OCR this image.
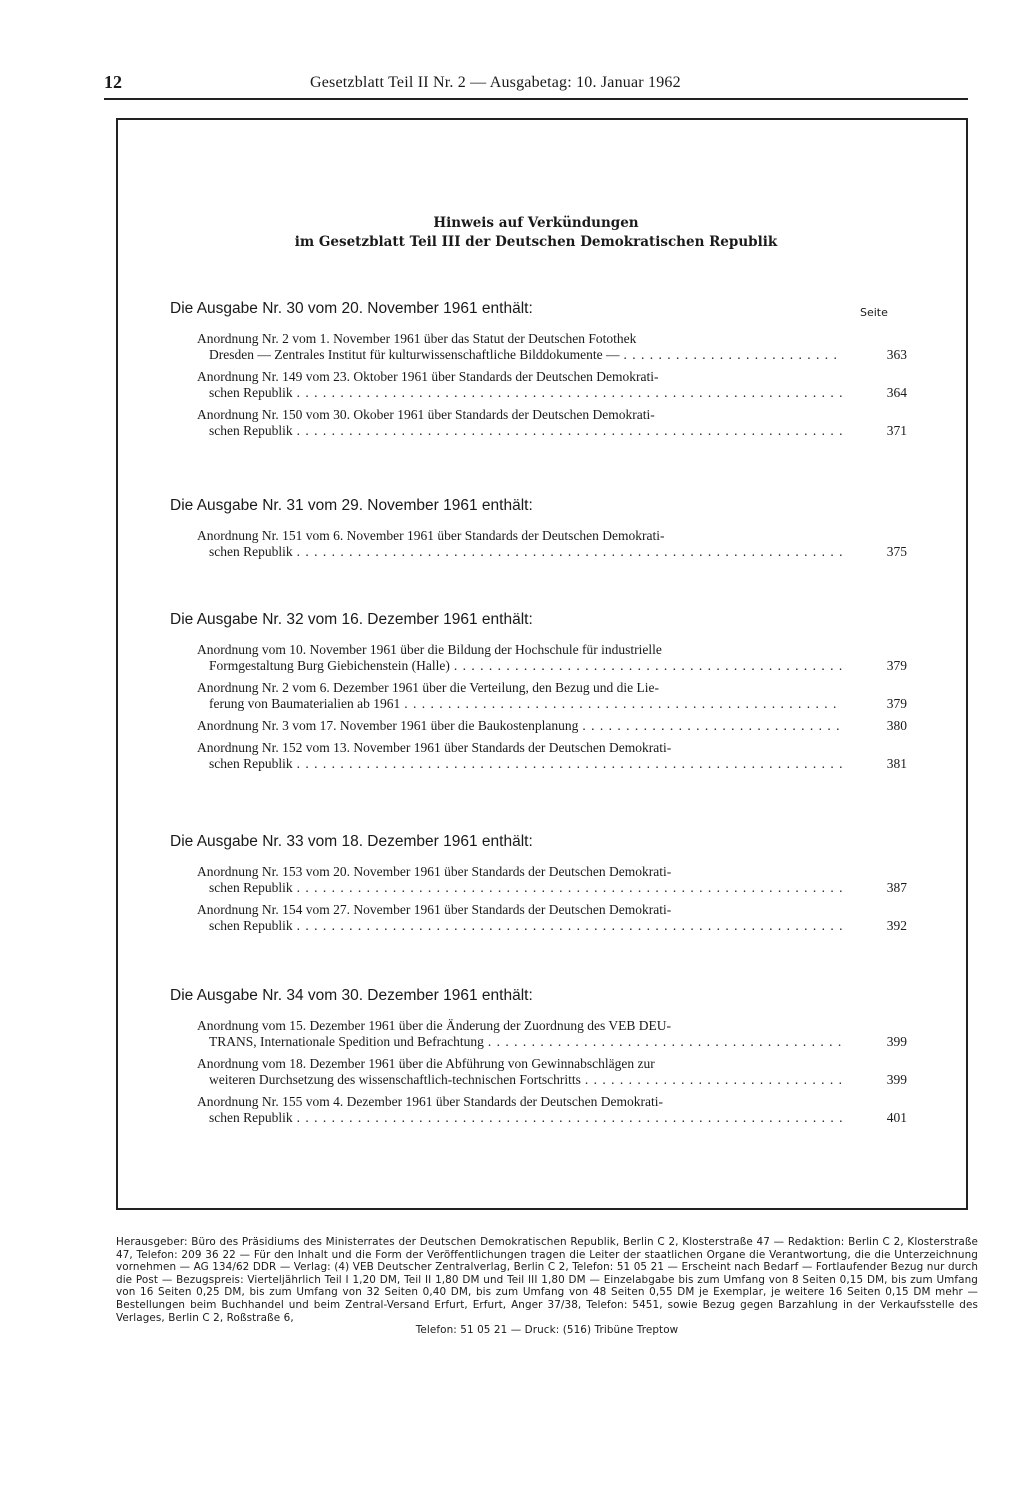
12	Gesetzblatt Teil II Nr. 2 — Ausgabetag: 10. Januar 1962
Hinweis auf Verkündungen
im Gesetzblatt Teil III der Deutschen Demokratischen Republik
Seite
Die Ausgabe Nr. 30 vom 20. November 1961 enthält:
Anordnung Nr. 2 vom 1. November 1961 über das Statut der Deutschen Fotothek
Dresden — Zentrales Institut für kulturwissenschaftliche Bilddokumente — . . .	363
Anordnung Nr. 149 vom 23. Oktober 1961 über Standards der Deutschen Demokrati-
schen Republik . . .	364
Anordnung Nr. 150 vom 30. Okober 1961 über Standards der Deutschen Demokrati-
schen Republik . . .	371
Die Ausgabe Nr. 31 vom 29. November 1961 enthält:
Anordnung Nr. 151 vom 6. November 1961 über Standards der Deutschen Demokrati-
schen Republik . . .	375
Die Ausgabe Nr. 32 vom 16. Dezember 1961 enthält:
Anordnung vom 10. November 1961 über die Bildung der Hochschule für industrielle
Formgestaltung Burg Giebichenstein (Halle) . . .	379
Anordnung Nr. 2 vom 6. Dezember 1961 über die Verteilung, den Bezug und die Lie-
ferung von Baumaterialien ab 1961 . . .	379
Anordnung Nr. 3 vom 17. November 1961 über die Baukostenplanung . . .	380
Anordnung Nr. 152 vom 13. November 1961 über Standards der Deutschen Demokrati-
schen Republik . . .	381
Die Ausgabe Nr. 33 vom 18. Dezember 1961 enthält:
Anordnung Nr. 153 vom 20. November 1961 über Standards der Deutschen Demokrati-
schen Republik . . .	387
Anordnung Nr. 154 vom 27. November 1961 über Standards der Deutschen Demokrati-
schen Republik . . .	392
Die Ausgabe Nr. 34 vom 30. Dezember 1961 enthält:
Anordnung vom 15. Dezember 1961 über die Änderung der Zuordnung des VEB DEU-
TRANS, Internationale Spedition und Befrachtung . . .	399
Anordnung vom 18. Dezember 1961 über die Abführung von Gewinnabschlägen zur
weiteren Durchsetzung des wissenschaftlich-technischen Fortschritts . . .	399
Anordnung Nr. 155 vom 4. Dezember 1961 über Standards der Deutschen Demokrati-
schen Republik . . .	401
Herausgeber: Büro des Präsidiums des Ministerrates der Deutschen Demokratischen Republik, Berlin C 2, Klosterstraße 47 — Redaktion: Berlin C 2, Klosterstraße 47, Telefon: 209 36 22 — Für den Inhalt und die Form der Veröffentlichungen tragen die Leiter der staatlichen Organe die Verantwortung, die die Unterzeichnung vornehmen — AG 134/62 DDR — Verlag: (4) VEB Deutscher Zentralverlag, Berlin C 2, Telefon: 51 05 21 — Erscheint nach Bedarf — Fortlaufender Bezug nur durch die Post — Bezugspreis: Vierteljährlich Teil I 1,20 DM, Teil II 1,80 DM und Teil III 1,80 DM — Einzelabgabe bis zum Umfang von 8 Seiten 0,15 DM, bis zum Umfang von 16 Seiten 0,25 DM, bis zum Umfang von 32 Seiten 0,40 DM, bis zum Umfang von 48 Seiten 0,55 DM je Exemplar, je weitere 16 Seiten 0,15 DM mehr — Bestellungen beim Buchhandel und beim Zentral-Versand Erfurt, Erfurt, Anger 37/38, Telefon: 5451, sowie Bezug gegen Barzahlung in der Verkaufsstelle des Verlages, Berlin C 2, Roßstraße 6,
Telefon: 51 05 21 — Druck: (516) Tribüne Treptow
